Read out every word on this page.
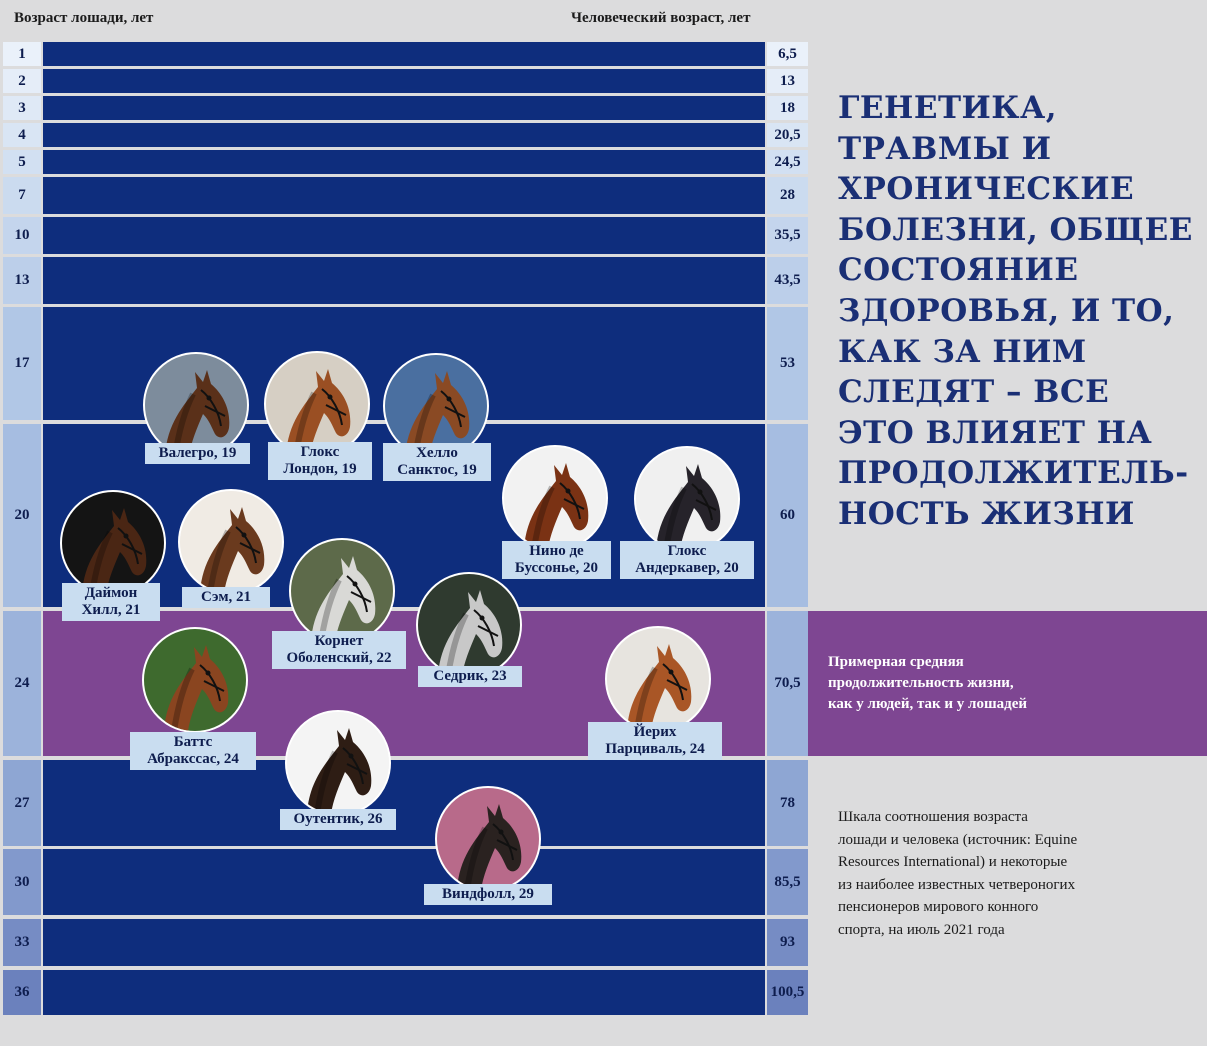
Возраст лошади, лет	Человеческий возраст, лет
1	6,5
2	13
3	18
4	20,5
5	24,5
7	28
10	35,5
13	43,5
17	53
20	60
24	70,5
27	78
30	85,5
33	93
36	100,5
ГЕНЕТИКА,
ТРАВМЫ И
ХРОНИЧЕСКИЕ
БОЛЕЗНИ, ОБЩЕЕ
СОСТОЯНИЕ
ЗДОРОВЬЯ, И ТО,
КАК ЗА НИМ
СЛЕДЯТ – ВСЕ
ЭТО ВЛИЯЕТ НА
ПРОДОЛЖИТЕЛЬ-
НОСТЬ ЖИЗНИ
Примерная средняя
продолжительность жизни,
как у людей, так и у лошадей
Шкала соотношения возраста
лошади и человека (источник: Equine
Resources International) и некоторые
из наиболее известных четвероногих
пенсионеров мирового конного
спорта, на июль 2021 года
Валегро, 19	Глокс
Лондон, 19
Хелло
Санктос, 19
Нино де
Буссонье, 20
Глокс
Андеркавер, 20
Даймон
Хилл, 21
Сэм, 21
Корнет
Оболенский, 22
Седрик, 23
Йерих
Парциваль, 24
Баттс
Абракссас, 24
Оутентик, 26
Виндфолл, 29
